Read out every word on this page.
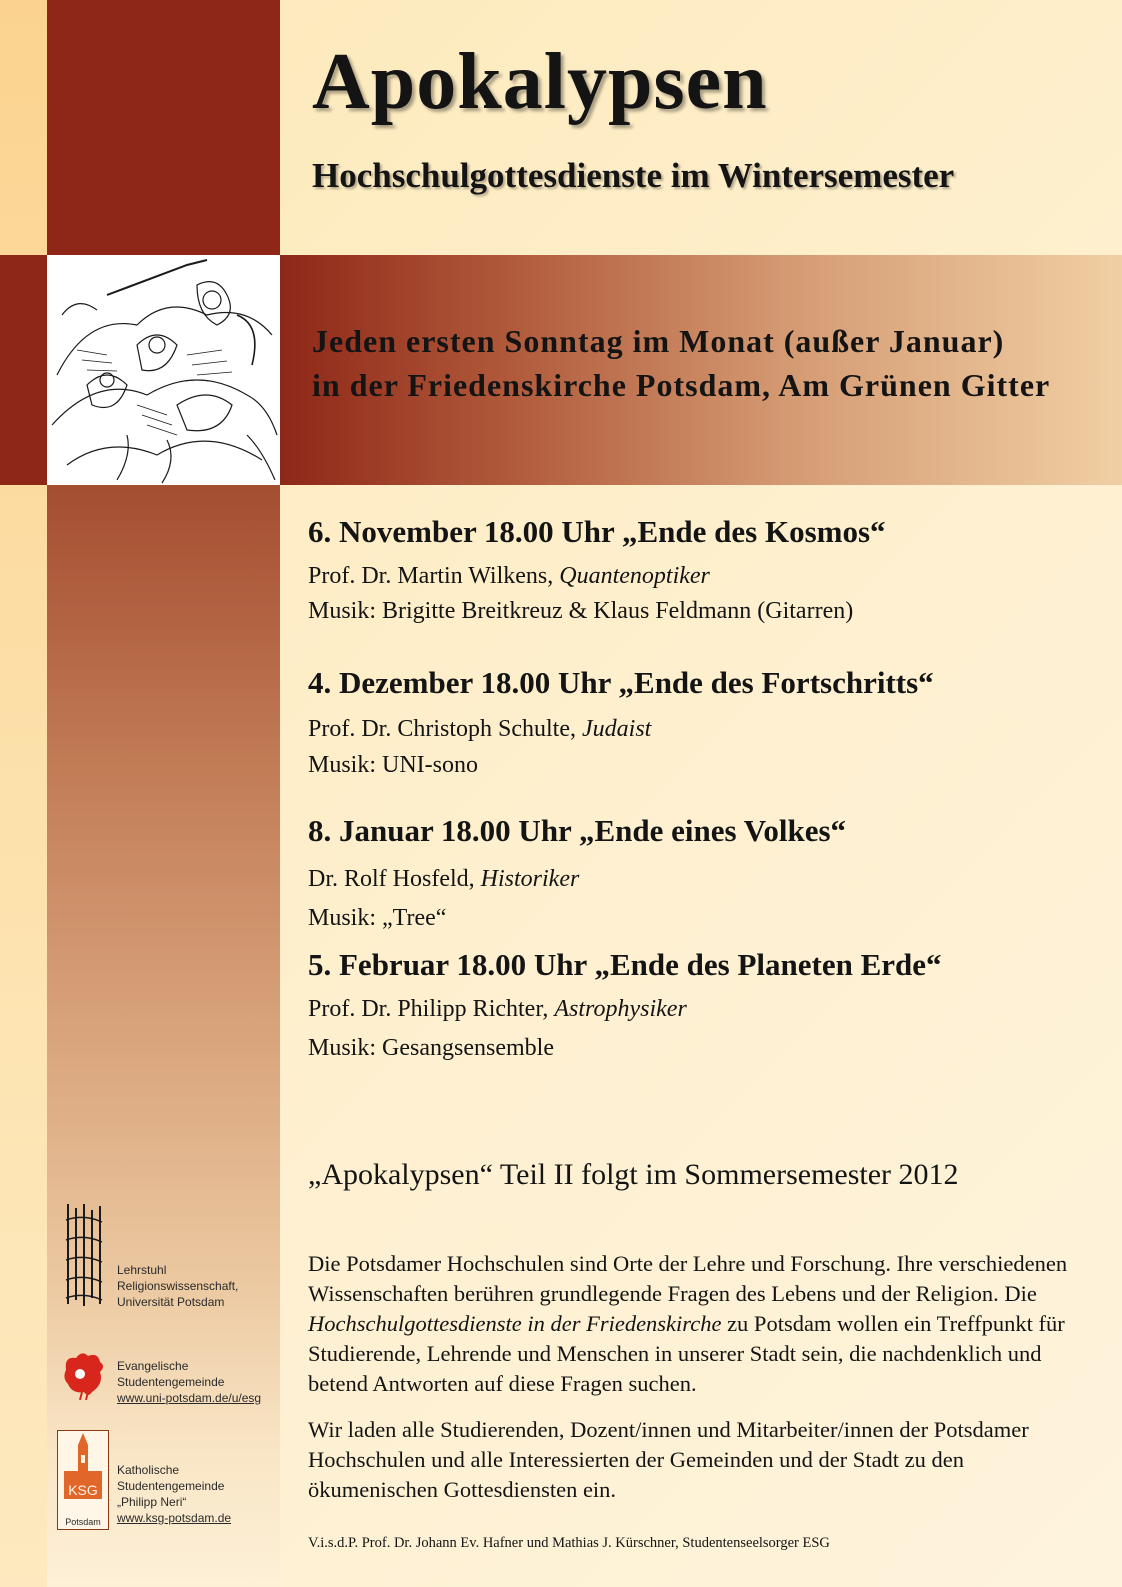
Apokalypsen
Hochschulgottesdienste im Wintersemester

Jeden ersten Sonntag im Monat (außer Januar)

in der Friedenskirche Potsdam, Am Grünen Gitter

6. November 18.00 Uhr „Ende des Kosmos“

Prof. Dr. Martin Wilkens, Quantenoptiker

Musik: Brigitte Breitkreuz & Klaus Feldmann (Gitarren)

4. Dezember 18.00 Uhr „Ende des Fortschritts“

Prof. Dr. Christoph Schulte, Judaist

Musik: UNI-sono

8. Januar 18.00 Uhr „Ende eines Volkes“

Dr. Rolf Hosfeld, Historiker

Musik: „Tree“

5. Februar 18.00 Uhr „Ende des Planeten Erde“

Prof. Dr. Philipp Richter, Astrophysiker

Musik: Gesangsensemble

„Apokalypsen“ Teil II folgt im Sommersemester 2012

Die Potsdamer Hochschulen sind Orte der Lehre und Forschung. Ihre verschiedenen Wissenschaften berühren grundlegende Fragen des Lebens und der Religion. Die Hochschulgottesdienste in der Friedenskirche zu Potsdam wollen ein Treffpunkt für Studierende, Lehrende und Menschen in unserer Stadt sein, die nachdenklich und betend Antworten auf diese Fragen suchen.

Wir laden alle Studierenden, Dozent/innen und Mitarbeiter/innen der Potsdamer Hochschulen und alle Interessierten der Gemeinden und der Stadt zu den ökumenischen Gottesdiensten ein.

V.i.s.d.P. Prof. Dr. Johann Ev. Hafner und Mathias J. Kürschner, Studentenseelsorger ESG

Lehrstuhl
Religionswissenschaft,
Universität Potsdam
Evangelische
Studentengemeinde
www.uni-potsdam.de/u/esg
KSG
Potsdam
Katholische
Studentengemeinde
„Philipp Neri“
www.ksg-potsdam.de
